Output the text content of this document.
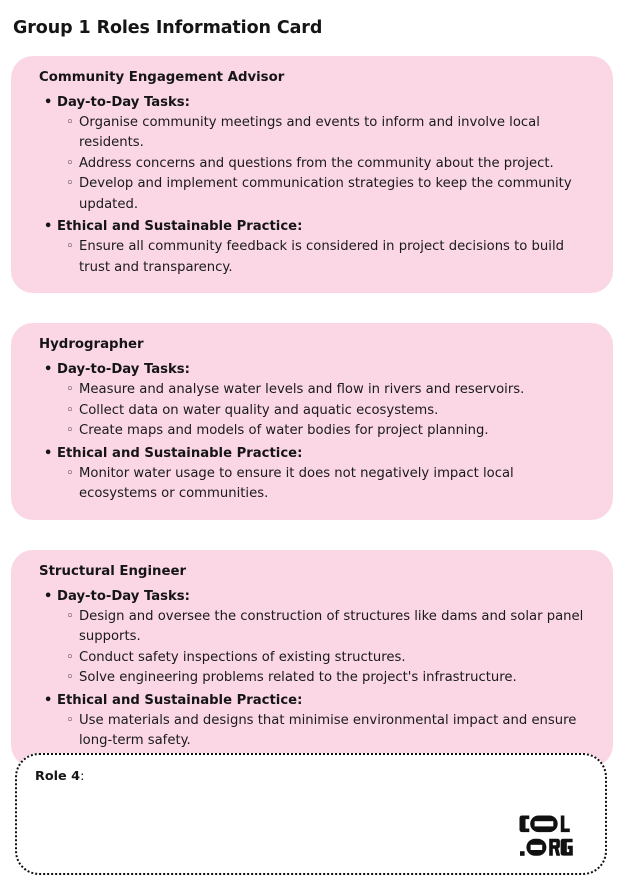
Group 1 Roles Information Card
Community Engagement Advisor
• Day-to-Day Tasks:
◦ Organise community meetings and events to inform and involve local residents.
◦ Address concerns and questions from the community about the project.
◦ Develop and implement communication strategies to keep the community updated.
• Ethical and Sustainable Practice:
◦ Ensure all community feedback is considered in project decisions to build trust and transparency.
Hydrographer
• Day-to-Day Tasks:
◦ Measure and analyse water levels and flow in rivers and reservoirs.
◦ Collect data on water quality and aquatic ecosystems.
◦ Create maps and models of water bodies for project planning.
• Ethical and Sustainable Practice:
◦ Monitor water usage to ensure it does not negatively impact local ecosystems or communities.
Structural Engineer
• Day-to-Day Tasks:
◦ Design and oversee the construction of structures like dams and solar panel supports.
◦ Conduct safety inspections of existing structures.
◦ Solve engineering problems related to the project's infrastructure.
• Ethical and Sustainable Practice:
◦ Use materials and designs that minimise environmental impact and ensure long-term safety.
Role 4:
